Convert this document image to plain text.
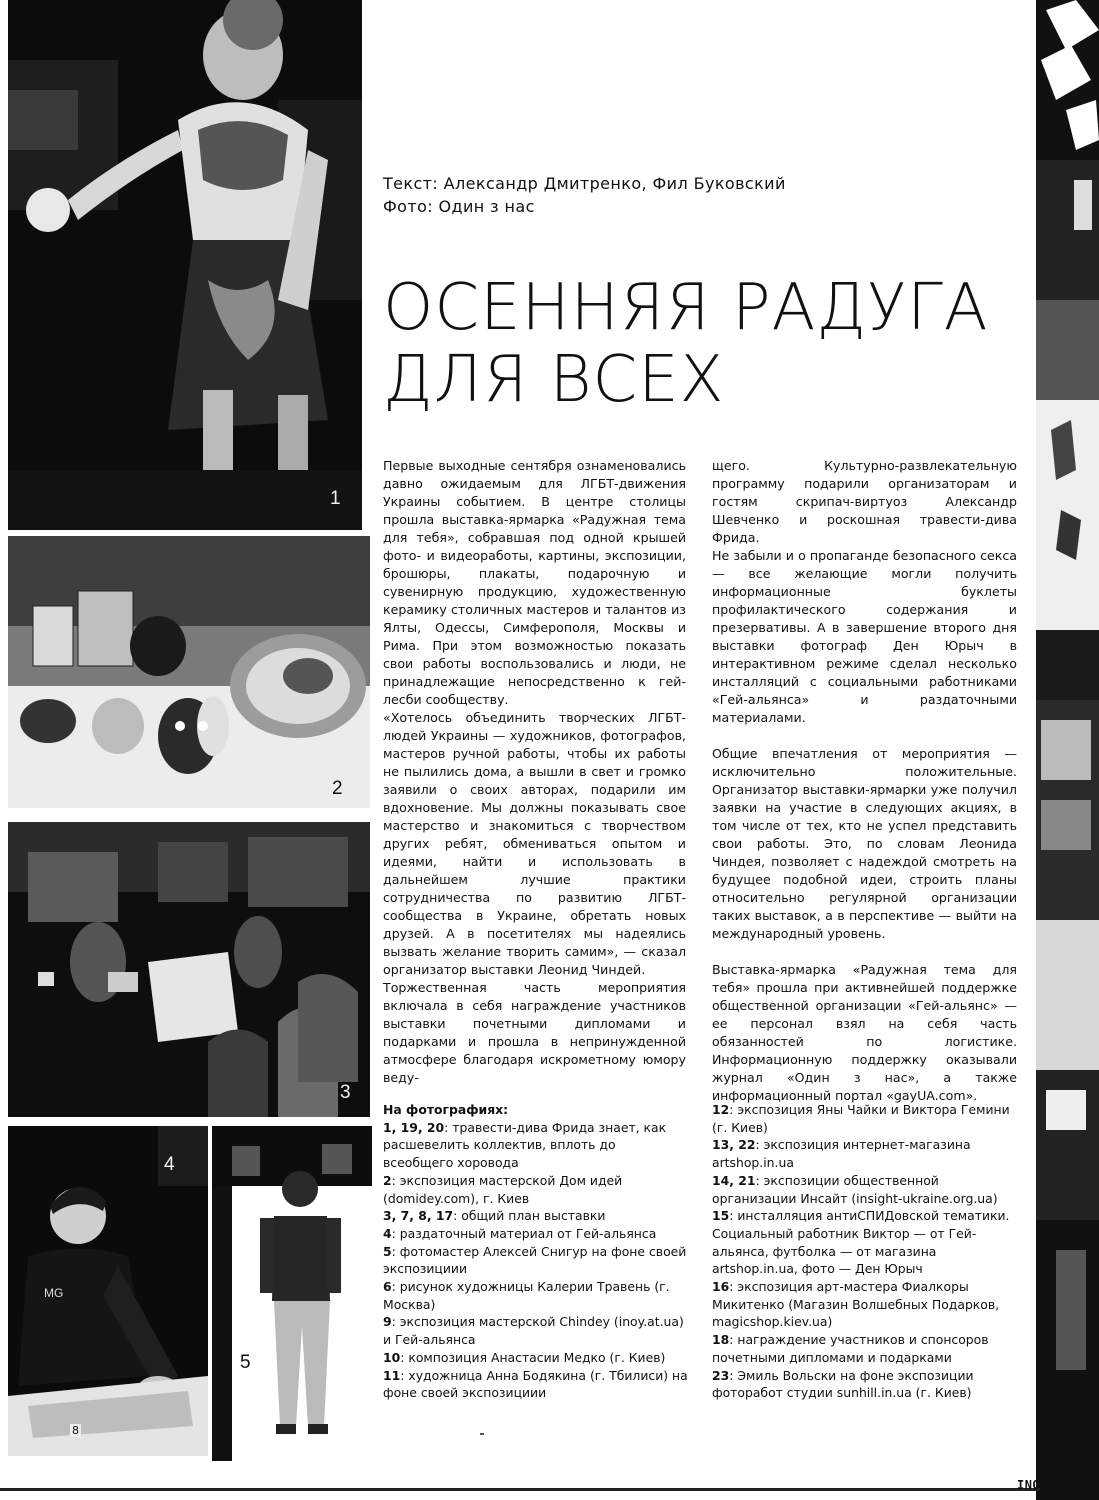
1
2
3
MG
4
8
5
Текст: Александр Дмитренко, Фил Буковский
Фото: Один з нас
ОСЕННЯЯ РАДУГА
ДЛЯ ВСЕХ

Первые выходные сентября ознаменовались давно ожидаемым для ЛГБТ-движения Украины событием. В центре столицы прошла выставка-ярмарка «Радужная тема для тебя», собравшая под одной крышей фото- и видеоработы, картины, экспозиции, брошюры, плакаты, подарочную и сувенирную продукцию, художественную керамику столичных мастеров и талантов из Ялты, Одессы, Симферополя, Москвы и Рима. При этом возможностью показать свои работы воспользовались и люди, не принадлежащие непосредственно к гей-лесби сообществу.

«Хотелось объединить творческих ЛГБТ-людей Украины — художников, фотографов, мастеров ручной работы, чтобы их работы не пылились дома, а вышли в свет и громко заявили о своих авторах, подарили им вдохновение. Мы должны показывать свое мастерство и знакомиться с творчеством других ребят, обмениваться опытом и идеями, найти и использовать в дальнейшем лучшие практики сотрудничества по развитию ЛГБТ-сообщества в Украине, обретать новых друзей. А в посетителях мы надеялись вызвать желание творить самим», — сказал организатор выставки Леонид Чиндей.

Торжественная часть мероприятия включала в себя награждение участников выставки почетными дипломами и подарками и прошла в непринужденной атмосфере благодаря искрометному юмору веду-

щего. Культурно-развлекательную программу подарили организаторам и гостям скрипач-виртуоз Александр Шевченко и роскошная травести-дива Фрида.

Не забыли и о пропаганде безопасного секса — все желающие могли получить информационные буклеты профилактического содержания и презервативы. А в завершение второго дня выставки фотограф Ден Юрыч в интерактивном режиме сделал несколько инсталляций с социальными работниками «Гей-альянса» и раздаточными материалами.

Общие впечатления от мероприятия — исключительно положительные. Организатор выставки-ярмарки уже получил заявки на участие в следующих акциях, в том числе от тех, кто не успел представить свои работы. Это, по словам Леонида Чиндея, позволяет с надеждой смотреть на будущее подобной идеи, строить планы относительно регулярной организации таких выставок, а в перспективе — выйти на международный уровень.

Выставка-ярмарка «Радужная тема для тебя» прошла при активнейшей поддержке общественной организации «Гей-альянс» — ее персонал взял на себя часть обязанностей по логистике. Информационную поддержку оказывали журнал «Один з нас», а также информационный портал «gayUA.com».

На фотографиях:
1, 19, 20: травести-дива Фрида знает, как расшевелить коллектив, вплоть до всеобщего хоровода
2: экспозиция мастерской Дом идей (domidey.com), г. Киев
3, 7, 8, 17: общий план выставки
4: раздаточный материал от Гей-альянса
5: фотомастер Алексей Снигур на фоне своей экспозициии
6: рисунок художницы Калерии Травень (г. Москва)
9: экспозиция мастерской Chindey (inoy.at.ua) и Гей-альянса
10: композиция Анастасии Медко (г. Киев)
11: художница Анна Бодякина (г. Тбилиси) на фоне своей экспозициии
12: экспозиция Яны Чайки и Виктора Гемини (г. Киев)
13, 22: экспозиция интернет-магазина artshop.in.ua
14, 21: экспозиции общественной организации Инсайт (insight-ukraine.org.ua)
15: инсталляция антиСПИДовской тематики. Социальный работник Виктор — от Гей-альянса, футболка — от магазина artshop.in.ua, фото — Ден Юрыч
16: экспозиция арт-мастера Фиалкоры Микитенко (Магазин Волшебных Подарков, magicshop.kiev.ua)
18: награждение участников и спонсоров почетными дипломами и подарками
23: Эмиль Вольски на фоне экспозиции фоторабот студии sunhill.in.ua (г. Киев)
INOY.at.UA
